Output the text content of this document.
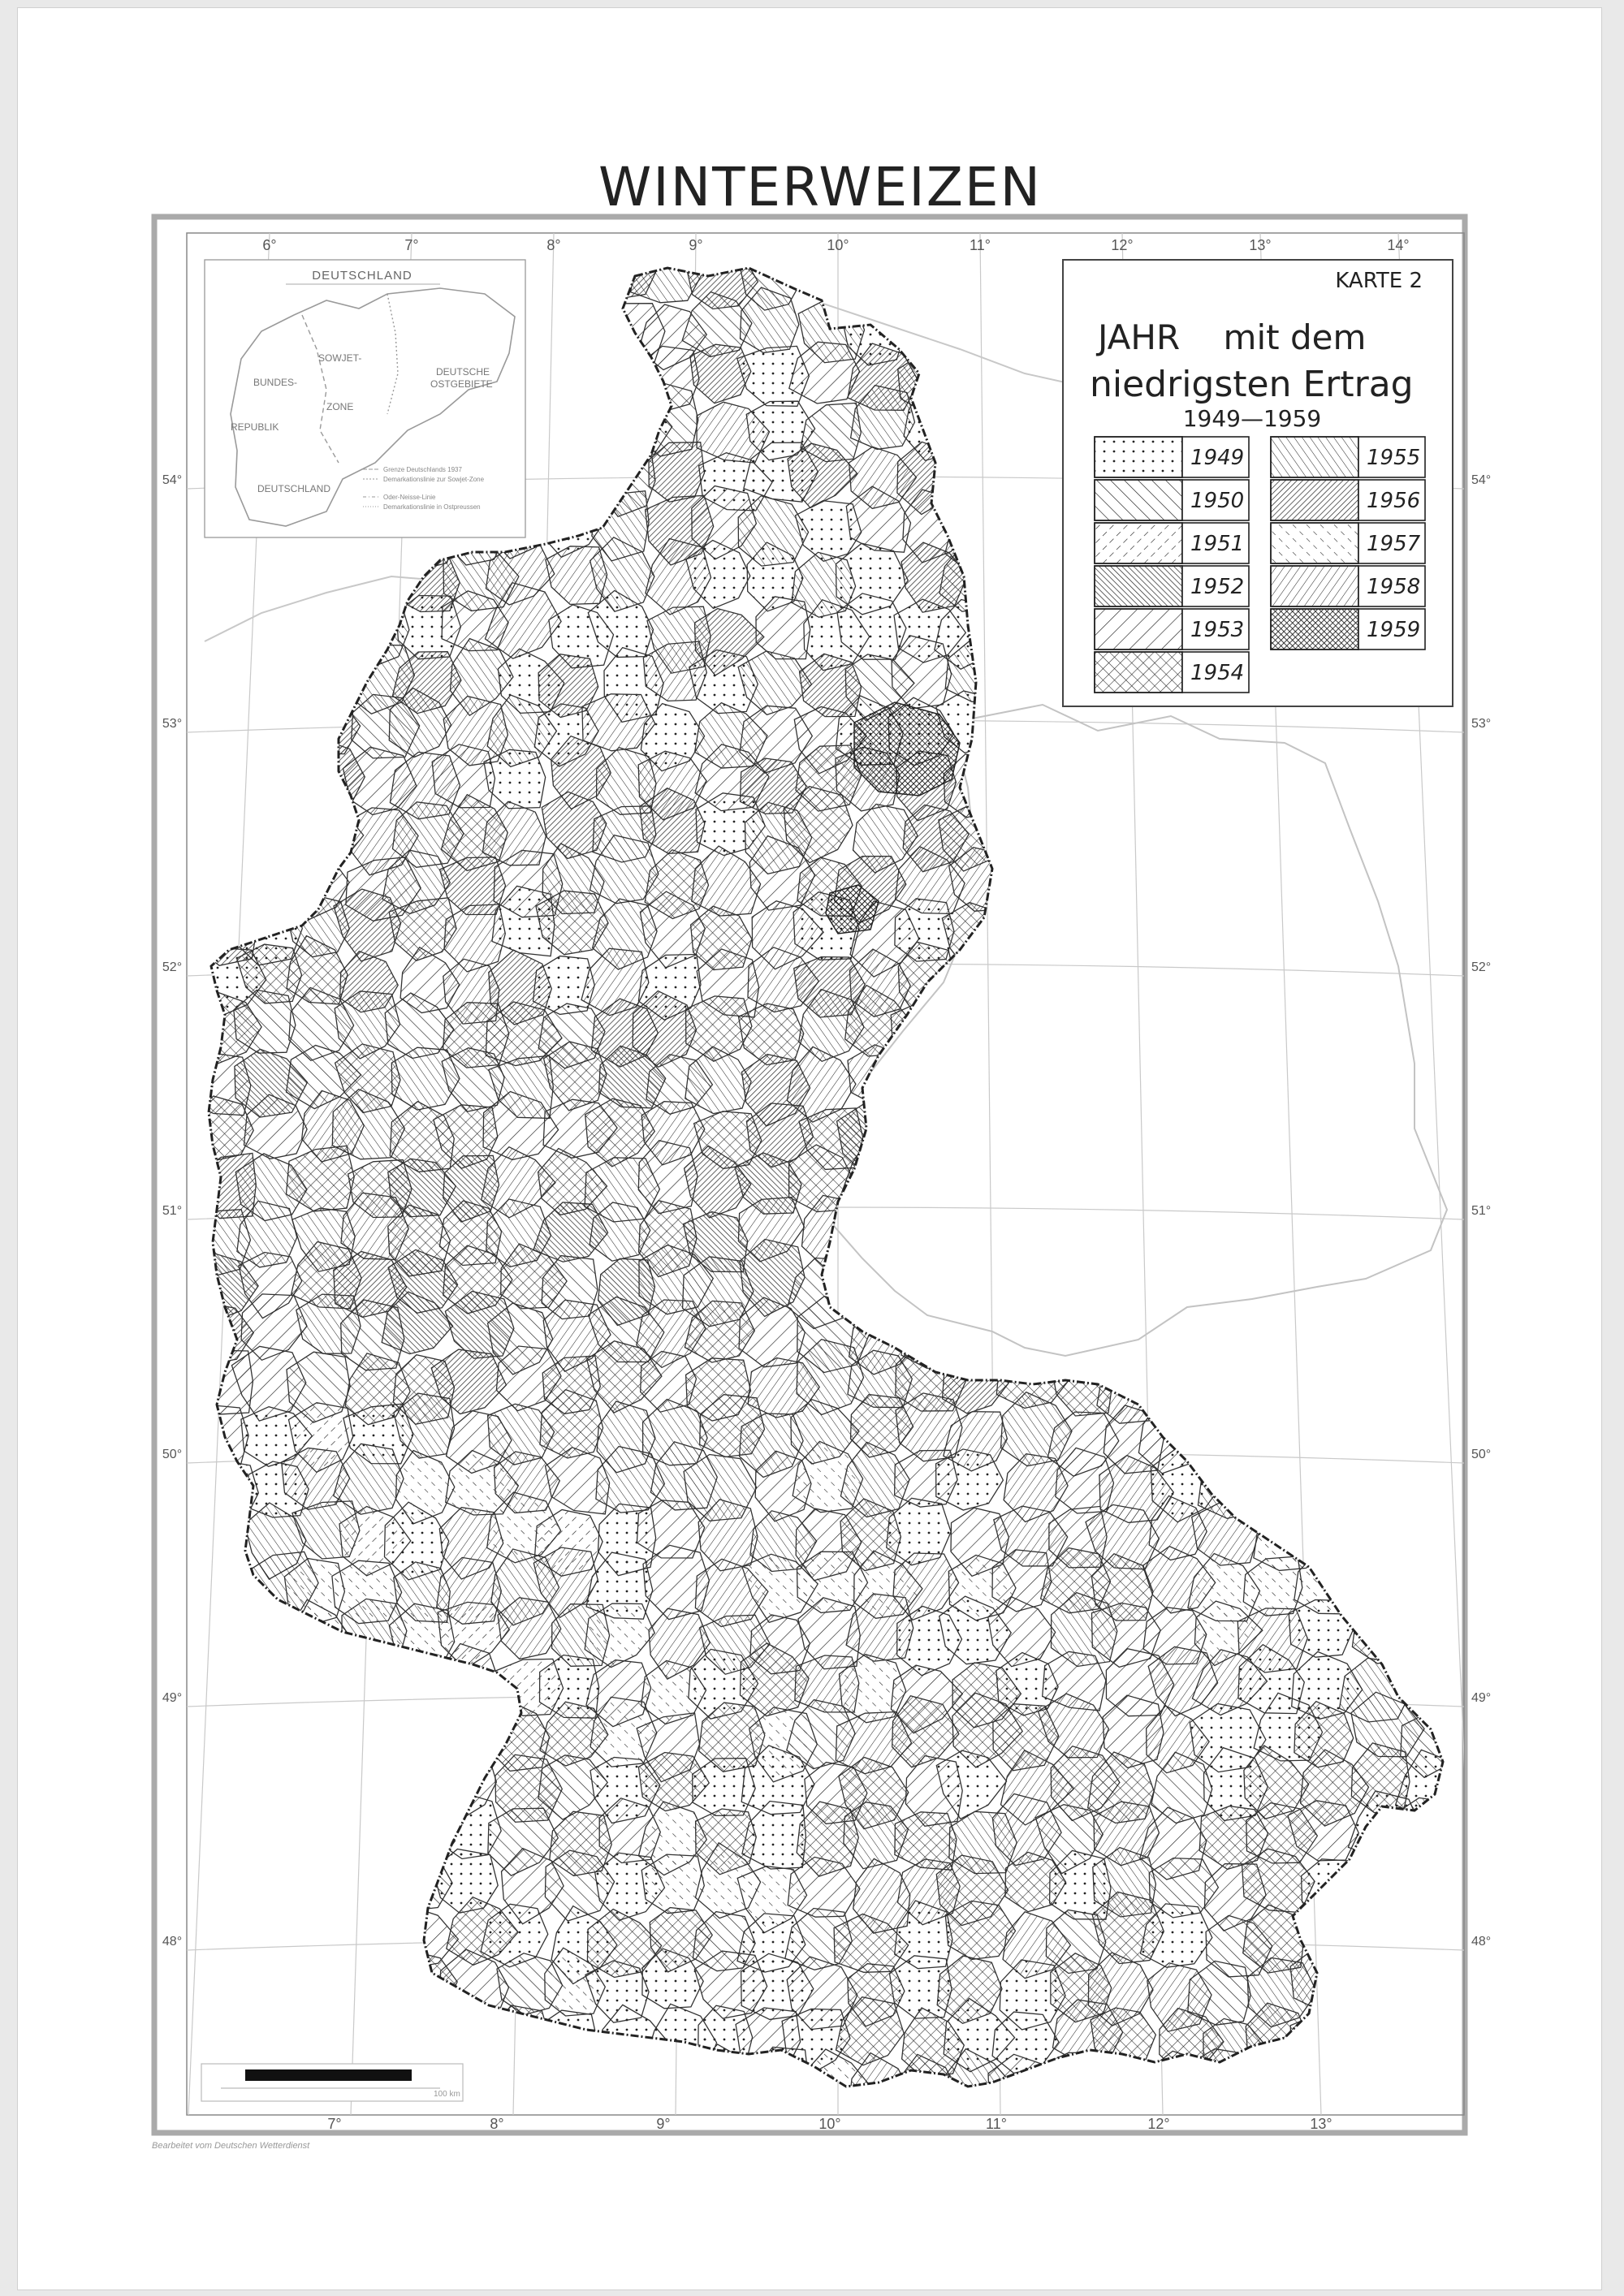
WINTERWEIZEN
6°	7°	8°	9°	10°	11°	12°	13°	14°
7°	8°	9°	10°	11°	12°	13°
54°
53°
52°
51°
50°
49°
48°
54°
53°
52°
51°
50°
49°
48°
DEUTSCHLAND
BUNDES-
REPUBLIK
DEUTSCHLAND
SOWJET-
ZONE
DEUTSCHE
OSTGEBIETE
Grenze Deutschlands 1937
Demarkationslinie zur Sowjet-Zone
Oder-Neisse-Linie
Demarkationslinie in Ostpreussen
KARTE 2
JAHR    mit dem
niedrigsten Ertrag
1949—1959
1949
1950
1951
1952
1953
1954
1955
1956
1957
1958
1959
100 km
Bearbeitet vom Deutschen Wetterdienst
